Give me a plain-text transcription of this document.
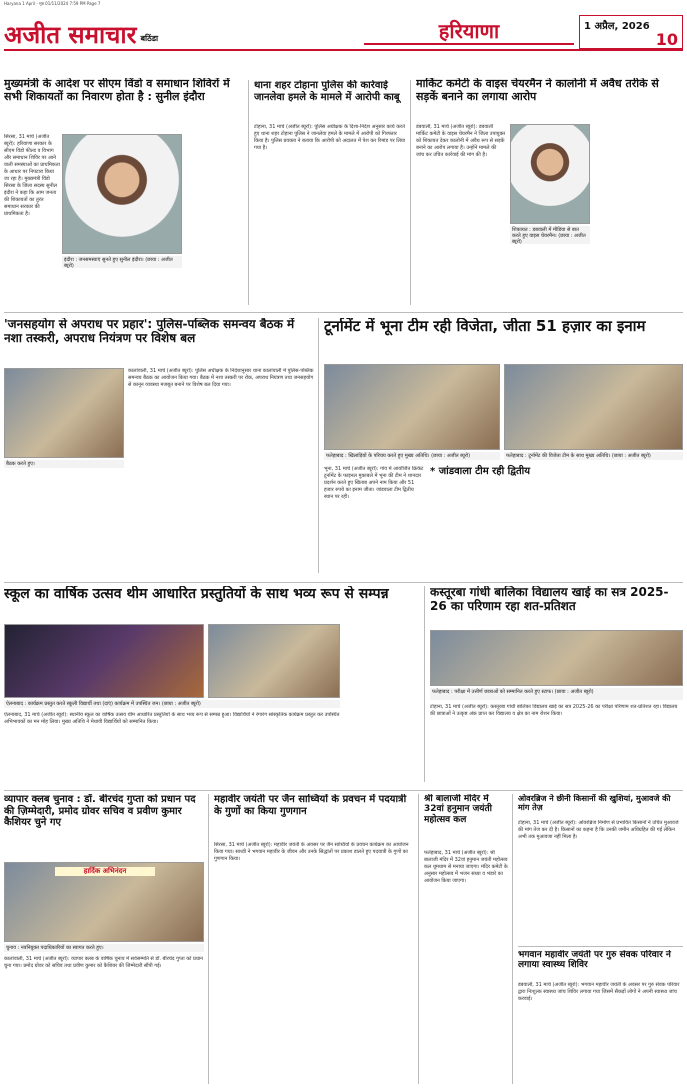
Haryana 1 April - मृष्ठ 01/11/2024 7:59 PM Page 7
अजीत समाचार बठिंडा	हरियाणा	1 अप्रैल, 2026
10
मुख्यमंत्री के आदेश पर सीएम विंडो व समाधान शिविरों में सभी शिकायतों का निवारण होता है : सुनील इंदौरा
इंदौरा : जनसमस्याएं सुनते हुए सुनील इंदौरा। (छाया : अजीत ब्यूरो)
सिरसा, 31 मार्च (अजीत ब्यूरो): हरियाणा सरकार के सीएम विंडो फील्ड व विभाग और समाधान शिविर पर आने वाली समस्याओं का प्राथमिकता के आधार पर निपटारा किया जा रहा है। मुख्यमंत्री विंडो सिरसा के जिला सदस्य सुनील इंदौरा ने कहा कि आम जनता की शिकायतों का तुरंत समाधान सरकार की प्राथमिकता है।
थाना शहर टोहाना पुलिस की कार्रवाई जानलेवा हमले के मामले में आरोपी काबू
टोहाना, 31 मार्च (अजीत ब्यूरो): पुलिस अधीक्षक के दिशा-निर्देश अनुसार कार्य करते हुए थाना शहर टोहाना पुलिस ने जानलेवा हमले के मामले में आरोपी को गिरफ्तार किया है। पुलिस प्रवक्ता ने बताया कि आरोपी को अदालत में पेश कर रिमांड पर लिया गया है।
मार्किट कमेटी के वाइस चेयरमैन ने कालोनी में अवैध तरीके से सड़कें बनाने का लगाया आरोप
डबवाली, 31 मार्च (अजीत ब्यूरो): डबवाली मार्किट कमेटी के वाइस चेयरमैन ने जिला उपायुक्त को शिकायत देकर कालोनी में अवैध रूप से सड़कें बनाने का आरोप लगाया है। उन्होंने मामले की जांच कर उचित कार्रवाई की मांग की है।
शिकायत : डबवाली में मीडिया से बात करते हुए वाइस चेयरमैन। (छाया : अजीत ब्यूरो)
'जनसहयोग से अपराध पर प्रहार': पुलिस-पब्लिक समन्वय बैठक में नशा तस्करी, अपराध नियंत्रण पर विशेष बल
बैठक करते हुए।
कालांवाली, 31 मार्च (अजीत ब्यूरो): पुलिस अधीक्षक के निर्देशानुसार थाना कालांवाली में पुलिस-पब्लिक समन्वय बैठक का आयोजन किया गया। बैठक में नशा तस्करी पर रोक, अपराध नियंत्रण तथा जनसहयोग से कानून व्यवस्था मजबूत बनाने पर विशेष बल दिया गया।
टूर्नामेंट में भूना टीम रही विजेता, जीता 51 हज़ार का इनाम
फतेहाबाद : खिलाड़ियों के परिचय करते हुए मुख्य अतिथि। (छाया : अजीत ब्यूरो)	फतेहाबाद : टूर्नामेंट की विजेता टीम के साथ मुख्य अतिथि। (छाया : अजीत ब्यूरो)
भूना, 31 मार्च (अजीत ब्यूरो): गांव में आयोजित क्रिकेट टूर्नामेंट के फाइनल मुकाबले में भूना की टीम ने शानदार प्रदर्शन करते हुए खिताब अपने नाम किया और 51 हजार रुपये का इनाम जीता। जांडवाला टीम द्वितीय स्थान पर रही।
* जांडवाला टीम रही द्वितीय
स्कूल का वार्षिक उत्सव थीम आधारित प्रस्तुतियों के साथ भव्य रूप से सम्पन्न
ऐलनाबाद : कार्यक्रम प्रस्तुत करते स्कूली विद्यार्थी तथा (दाएं) कार्यक्रम में उपस्थित जन। (छाया : अजीत ब्यूरो)
ऐलनाबाद, 31 मार्च (अजीत ब्यूरो): स्थानीय स्कूल का वार्षिक उत्सव थीम आधारित प्रस्तुतियों के साथ भव्य रूप से सम्पन्न हुआ। विद्यार्थियों ने रंगारंग सांस्कृतिक कार्यक्रम प्रस्तुत कर उपस्थित अभिभावकों का मन मोह लिया। मुख्य अतिथि ने मेधावी विद्यार्थियों को सम्मानित किया।
कस्तूरबा गांधी बालिका विद्यालय खाई का सत्र 2025-26 का परिणाम रहा शत-प्रतिशत
फतेहाबाद : परीक्षा में उत्तीर्ण छात्राओं को सम्मानित करते हुए स्टाफ। (छाया : अजीत ब्यूरो)
टोहाना, 31 मार्च (अजीत ब्यूरो): कस्तूरबा गांधी बालिका विद्यालय खाई का सत्र 2025-26 का परीक्षा परिणाम शत-प्रतिशत रहा। विद्यालय की छात्राओं ने उत्कृष्ट अंक प्राप्त कर विद्यालय व क्षेत्र का नाम रोशन किया।
व्यापार क्लब चुनाव : डॉ. बीरचंद गुप्ता को प्रधान पद की ज़िम्मेदारी, प्रमोद ग्रोवर सचिव व प्रवीण कुमार कैशियर चुने गए
हार्दिक अभिनंदन
चुनाव : नवनियुक्त पदाधिकारियों का स्वागत करते हुए।
कालांवाली, 31 मार्च (अजीत ब्यूरो): व्यापार क्लब के वार्षिक चुनाव में सर्वसम्मति से डॉ. बीरचंद गुप्ता को प्रधान चुना गया। प्रमोद ग्रोवर को सचिव तथा प्रवीण कुमार को कैशियर की जिम्मेदारी सौंपी गई।
महावीर जयंती पर जैन साध्वियों के प्रवचन में पदयात्री के गुणों का किया गुणगान
सिरसा, 31 मार्च (अजीत ब्यूरो): महावीर जयंती के अवसर पर जैन साध्वियों के प्रवचन कार्यक्रम का आयोजन किया गया। साध्वी ने भगवान महावीर के जीवन और उनके सिद्धांतों पर प्रकाश डालते हुए पदयात्री के गुणों का गुणगान किया।
श्री बालाजी मंदिर में 32वां हनुमान जयंती महोत्सव कल
फतेहाबाद, 31 मार्च (अजीत ब्यूरो): श्री बालाजी मंदिर में 32वां हनुमान जयंती महोत्सव कल धूमधाम से मनाया जाएगा। मंदिर कमेटी के अनुसार महोत्सव में भजन संध्या व भंडारे का आयोजन किया जाएगा।
ओवरब्रिज ने छीनी किसानों की खुशियां, मुआवजे की मांग तेज़
टोहाना, 31 मार्च (अजीत ब्यूरो): ओवरब्रिज निर्माण से प्रभावित किसानों ने उचित मुआवजे की मांग तेज कर दी है। किसानों का कहना है कि उनकी जमीन अधिग्रहित की गई लेकिन अभी तक मुआवजा नहीं मिला है।
भगवान महावीर जयंती पर गुरु सेवक परिवार ने लगाया स्वास्थ्य शिविर
डबवाली, 31 मार्च (अजीत ब्यूरो): भगवान महावीर जयंती के अवसर पर गुरु सेवक परिवार द्वारा निःशुल्क स्वास्थ्य जांच शिविर लगाया गया जिसमें सैकड़ों लोगों ने अपनी स्वास्थ्य जांच करवाई।
